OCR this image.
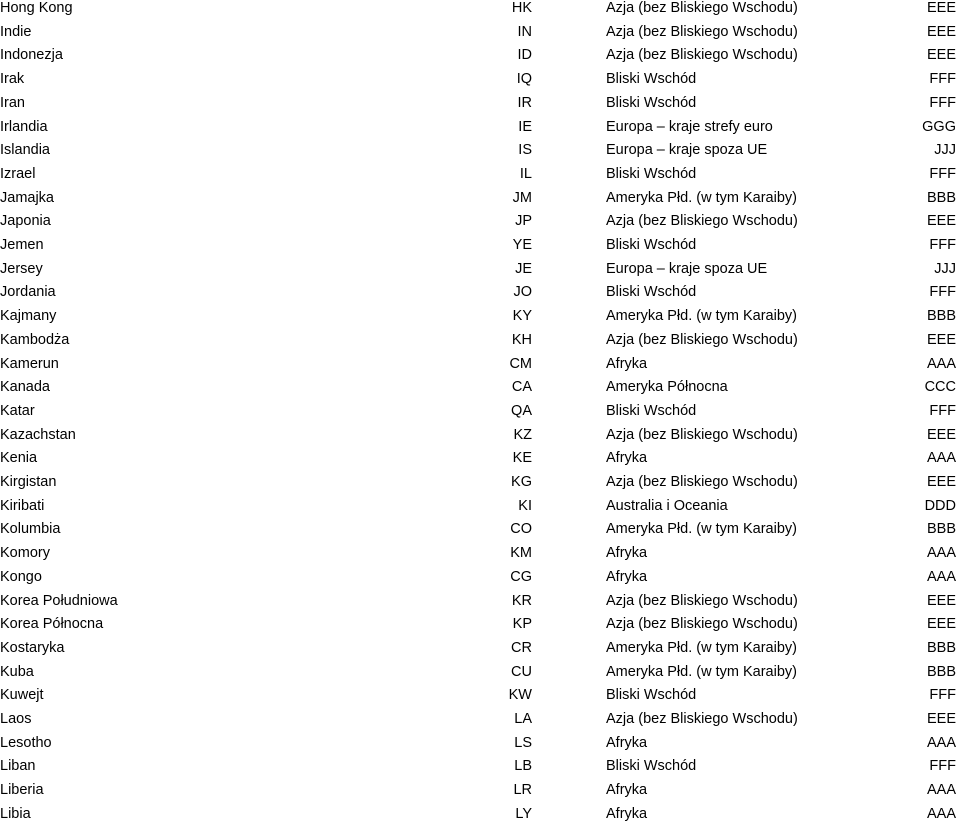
Hong Kong	HK	Azja (bez Bliskiego Wschodu)	EEE
Indie	IN	Azja (bez Bliskiego Wschodu)	EEE
Indonezja	ID	Azja (bez Bliskiego Wschodu)	EEE
Irak	IQ	Bliski Wschód	FFF
Iran	IR	Bliski Wschód	FFF
Irlandia	IE	Europa – kraje strefy euro	GGG
Islandia	IS	Europa – kraje spoza UE	JJJ
Izrael	IL	Bliski Wschód	FFF
Jamajka	JM	Ameryka Płd. (w tym Karaiby)	BBB
Japonia	JP	Azja (bez Bliskiego Wschodu)	EEE
Jemen	YE	Bliski Wschód	FFF
Jersey	JE	Europa – kraje spoza UE	JJJ
Jordania	JO	Bliski Wschód	FFF
Kajmany	KY	Ameryka Płd. (w tym Karaiby)	BBB
Kambodża	KH	Azja (bez Bliskiego Wschodu)	EEE
Kamerun	CM	Afryka	AAA
Kanada	CA	Ameryka Północna	CCC
Katar	QA	Bliski Wschód	FFF
Kazachstan	KZ	Azja (bez Bliskiego Wschodu)	EEE
Kenia	KE	Afryka	AAA
Kirgistan	KG	Azja (bez Bliskiego Wschodu)	EEE
Kiribati	KI	Australia i Oceania	DDD
Kolumbia	CO	Ameryka Płd. (w tym Karaiby)	BBB
Komory	KM	Afryka	AAA
Kongo	CG	Afryka	AAA
Korea Południowa	KR	Azja (bez Bliskiego Wschodu)	EEE
Korea Północna	KP	Azja (bez Bliskiego Wschodu)	EEE
Kostaryka	CR	Ameryka Płd. (w tym Karaiby)	BBB
Kuba	CU	Ameryka Płd. (w tym Karaiby)	BBB
Kuwejt	KW	Bliski Wschód	FFF
Laos	LA	Azja (bez Bliskiego Wschodu)	EEE
Lesotho	LS	Afryka	AAA
Liban	LB	Bliski Wschód	FFF
Liberia	LR	Afryka	AAA
Libia	LY	Afryka	AAA
